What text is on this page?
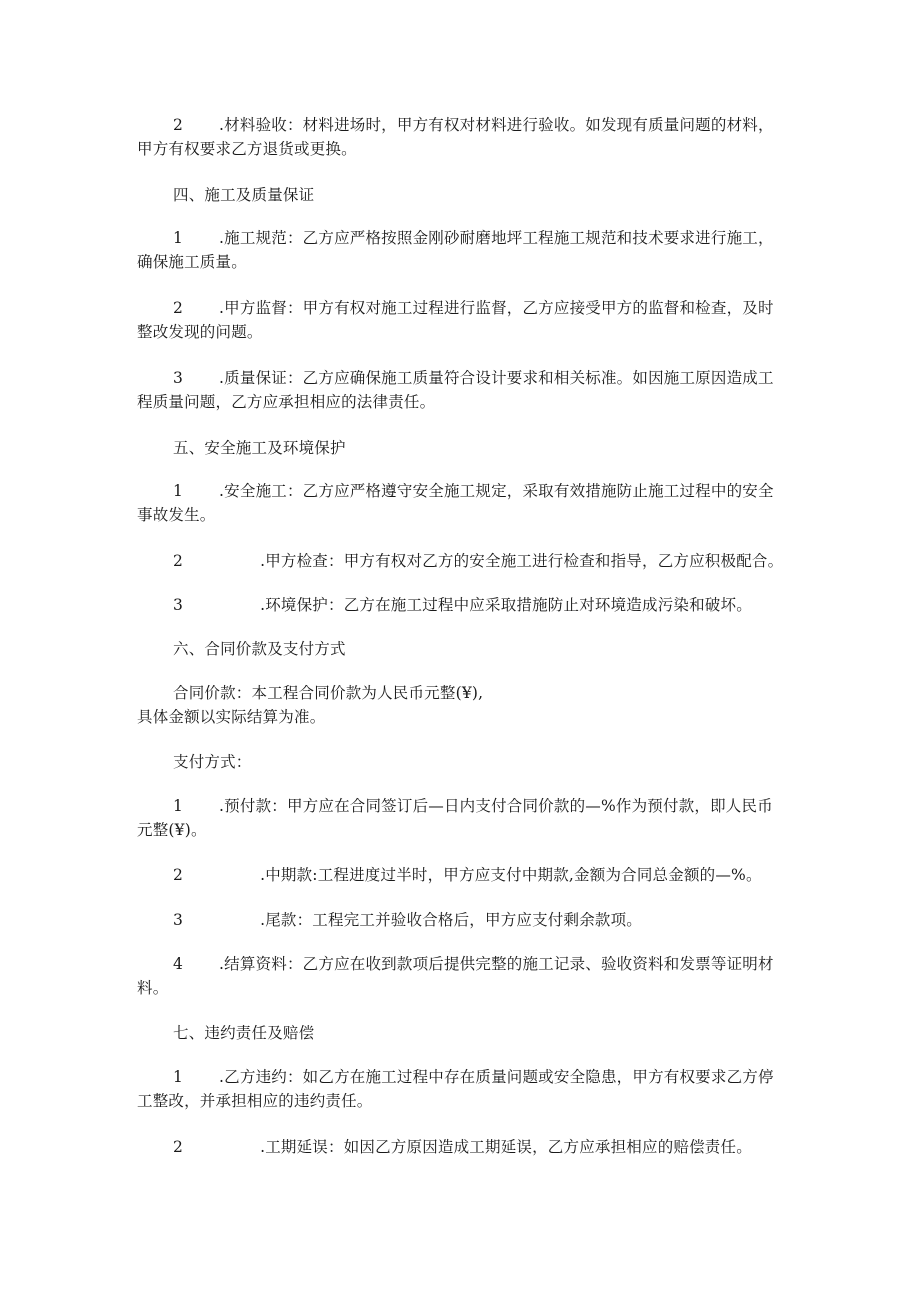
2	.材料验收：材料进场时，甲方有权对材料进行验收。如发现有质量问题的材料，甲方有权要求乙方退货或更换。

四、施工及质量保证

1	.施工规范：乙方应严格按照金刚砂耐磨地坪工程施工规范和技术要求进行施工，确保施工质量。

2	.甲方监督：甲方有权对施工过程进行监督，乙方应接受甲方的监督和检查，及时整改发现的问题。

3	.质量保证：乙方应确保施工质量符合设计要求和相关标准。如因施工原因造成工程质量问题，乙方应承担相应的法律责任。

五、安全施工及环境保护

1	.安全施工：乙方应严格遵守安全施工规定，采取有效措施防止施工过程中的安全事故发生。

2		.甲方检查：甲方有权对乙方的安全施工进行检查和指导，乙方应积极配合。

3		.环境保护：乙方在施工过程中应采取措施防止对环境造成污染和破坏。

六、合同价款及支付方式

合同价款：本工程合同价款为人民币元整(¥),

具体金额以实际结算为准。

支付方式：

1	.预付款：甲方应在合同签订后—日内支付合同价款的—%作为预付款，即人民币元整(¥)。

2		.中期款:工程进度过半时，甲方应支付中期款,金额为合同总金额的—%。

3		.尾款：工程完工并验收合格后，甲方应支付剩余款项。

4	.结算资料：乙方应在收到款项后提供完整的施工记录、验收资料和发票等证明材料。

七、违约责任及赔偿

1	.乙方违约：如乙方在施工过程中存在质量问题或安全隐患，甲方有权要求乙方停工整改，并承担相应的违约责任。

2		.工期延误：如因乙方原因造成工期延误，乙方应承担相应的赔偿责任。
